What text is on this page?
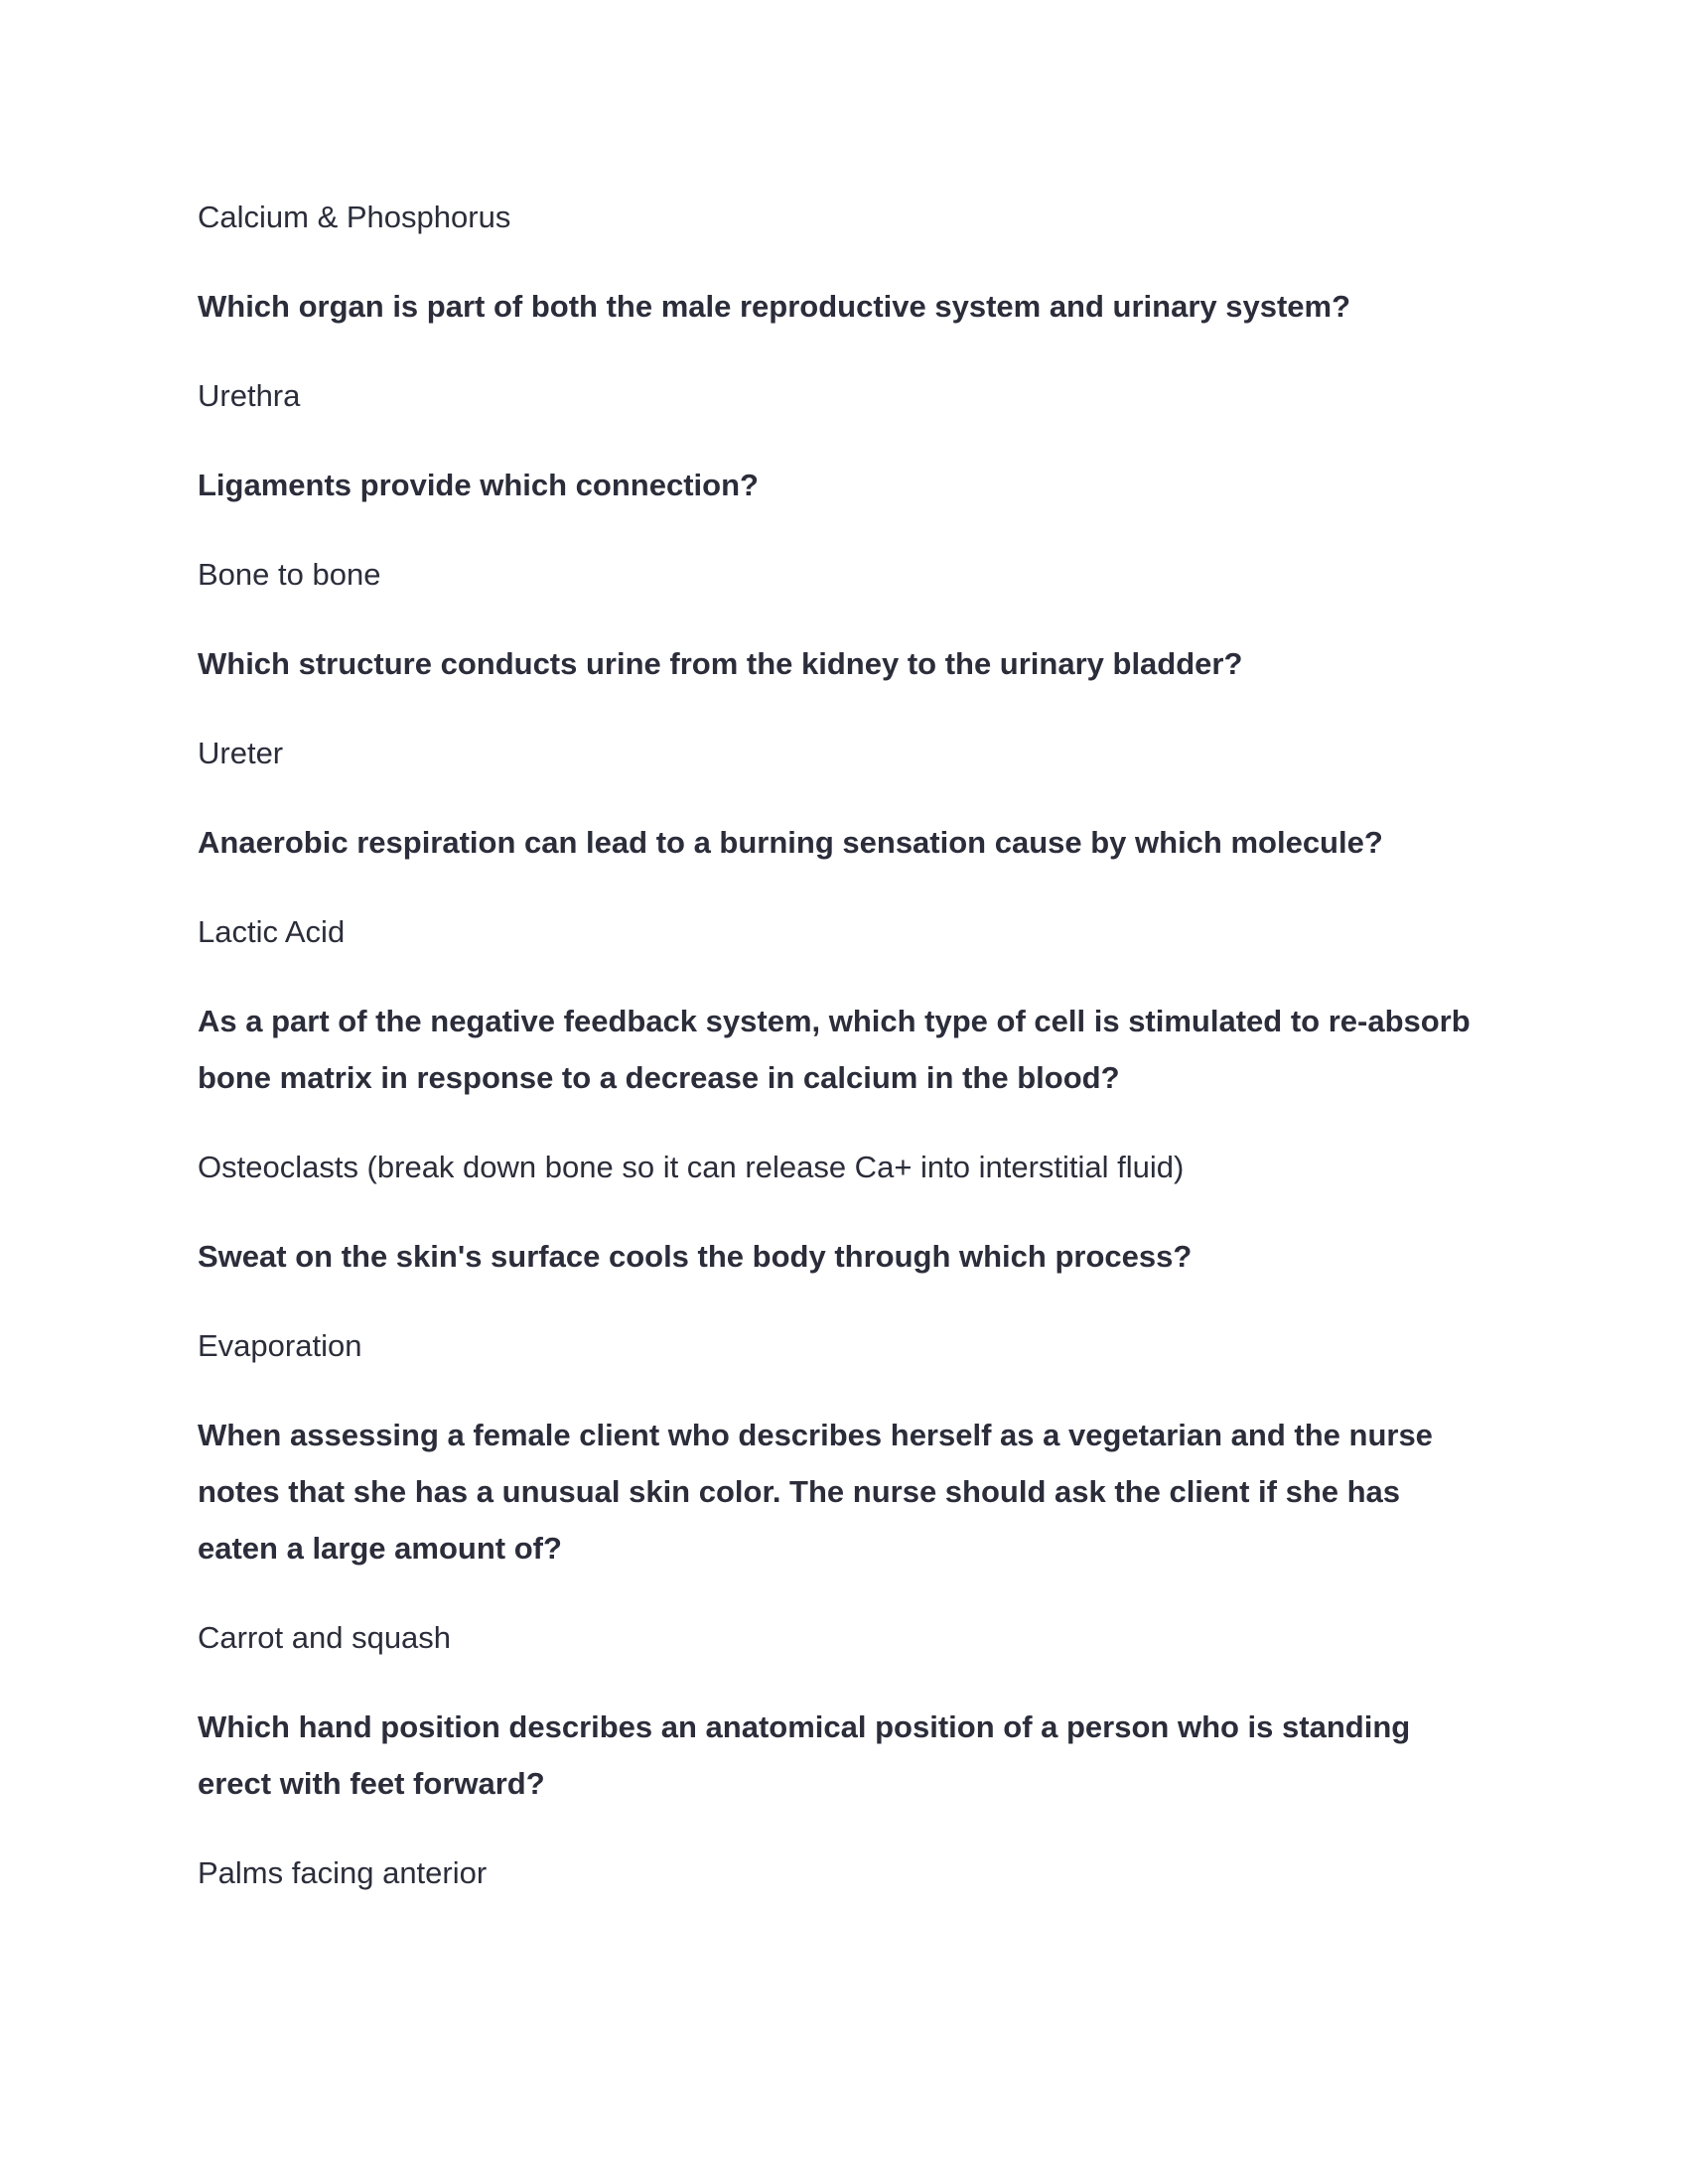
Calcium & Phosphorus

Which organ is part of both the male reproductive system and urinary system?

Urethra

Ligaments provide which connection?

Bone to bone

Which structure conducts urine from the kidney to the urinary bladder?

Ureter

Anaerobic respiration can lead to a burning sensation cause by which molecule?

Lactic Acid

As a part of the negative feedback system, which type of cell is stimulated to re-absorb bone matrix in response to a decrease in calcium in the blood?

Osteoclasts (break down bone so it can release Ca+ into interstitial fluid)

Sweat on the skin's surface cools the body through which process?

Evaporation

When assessing a female client who describes herself as a vegetarian and the nurse notes that she has a unusual skin color. The nurse should ask the client if she has eaten a large amount of?

Carrot and squash

Which hand position describes an anatomical position of a person who is standing erect with feet forward?

Palms facing anterior
